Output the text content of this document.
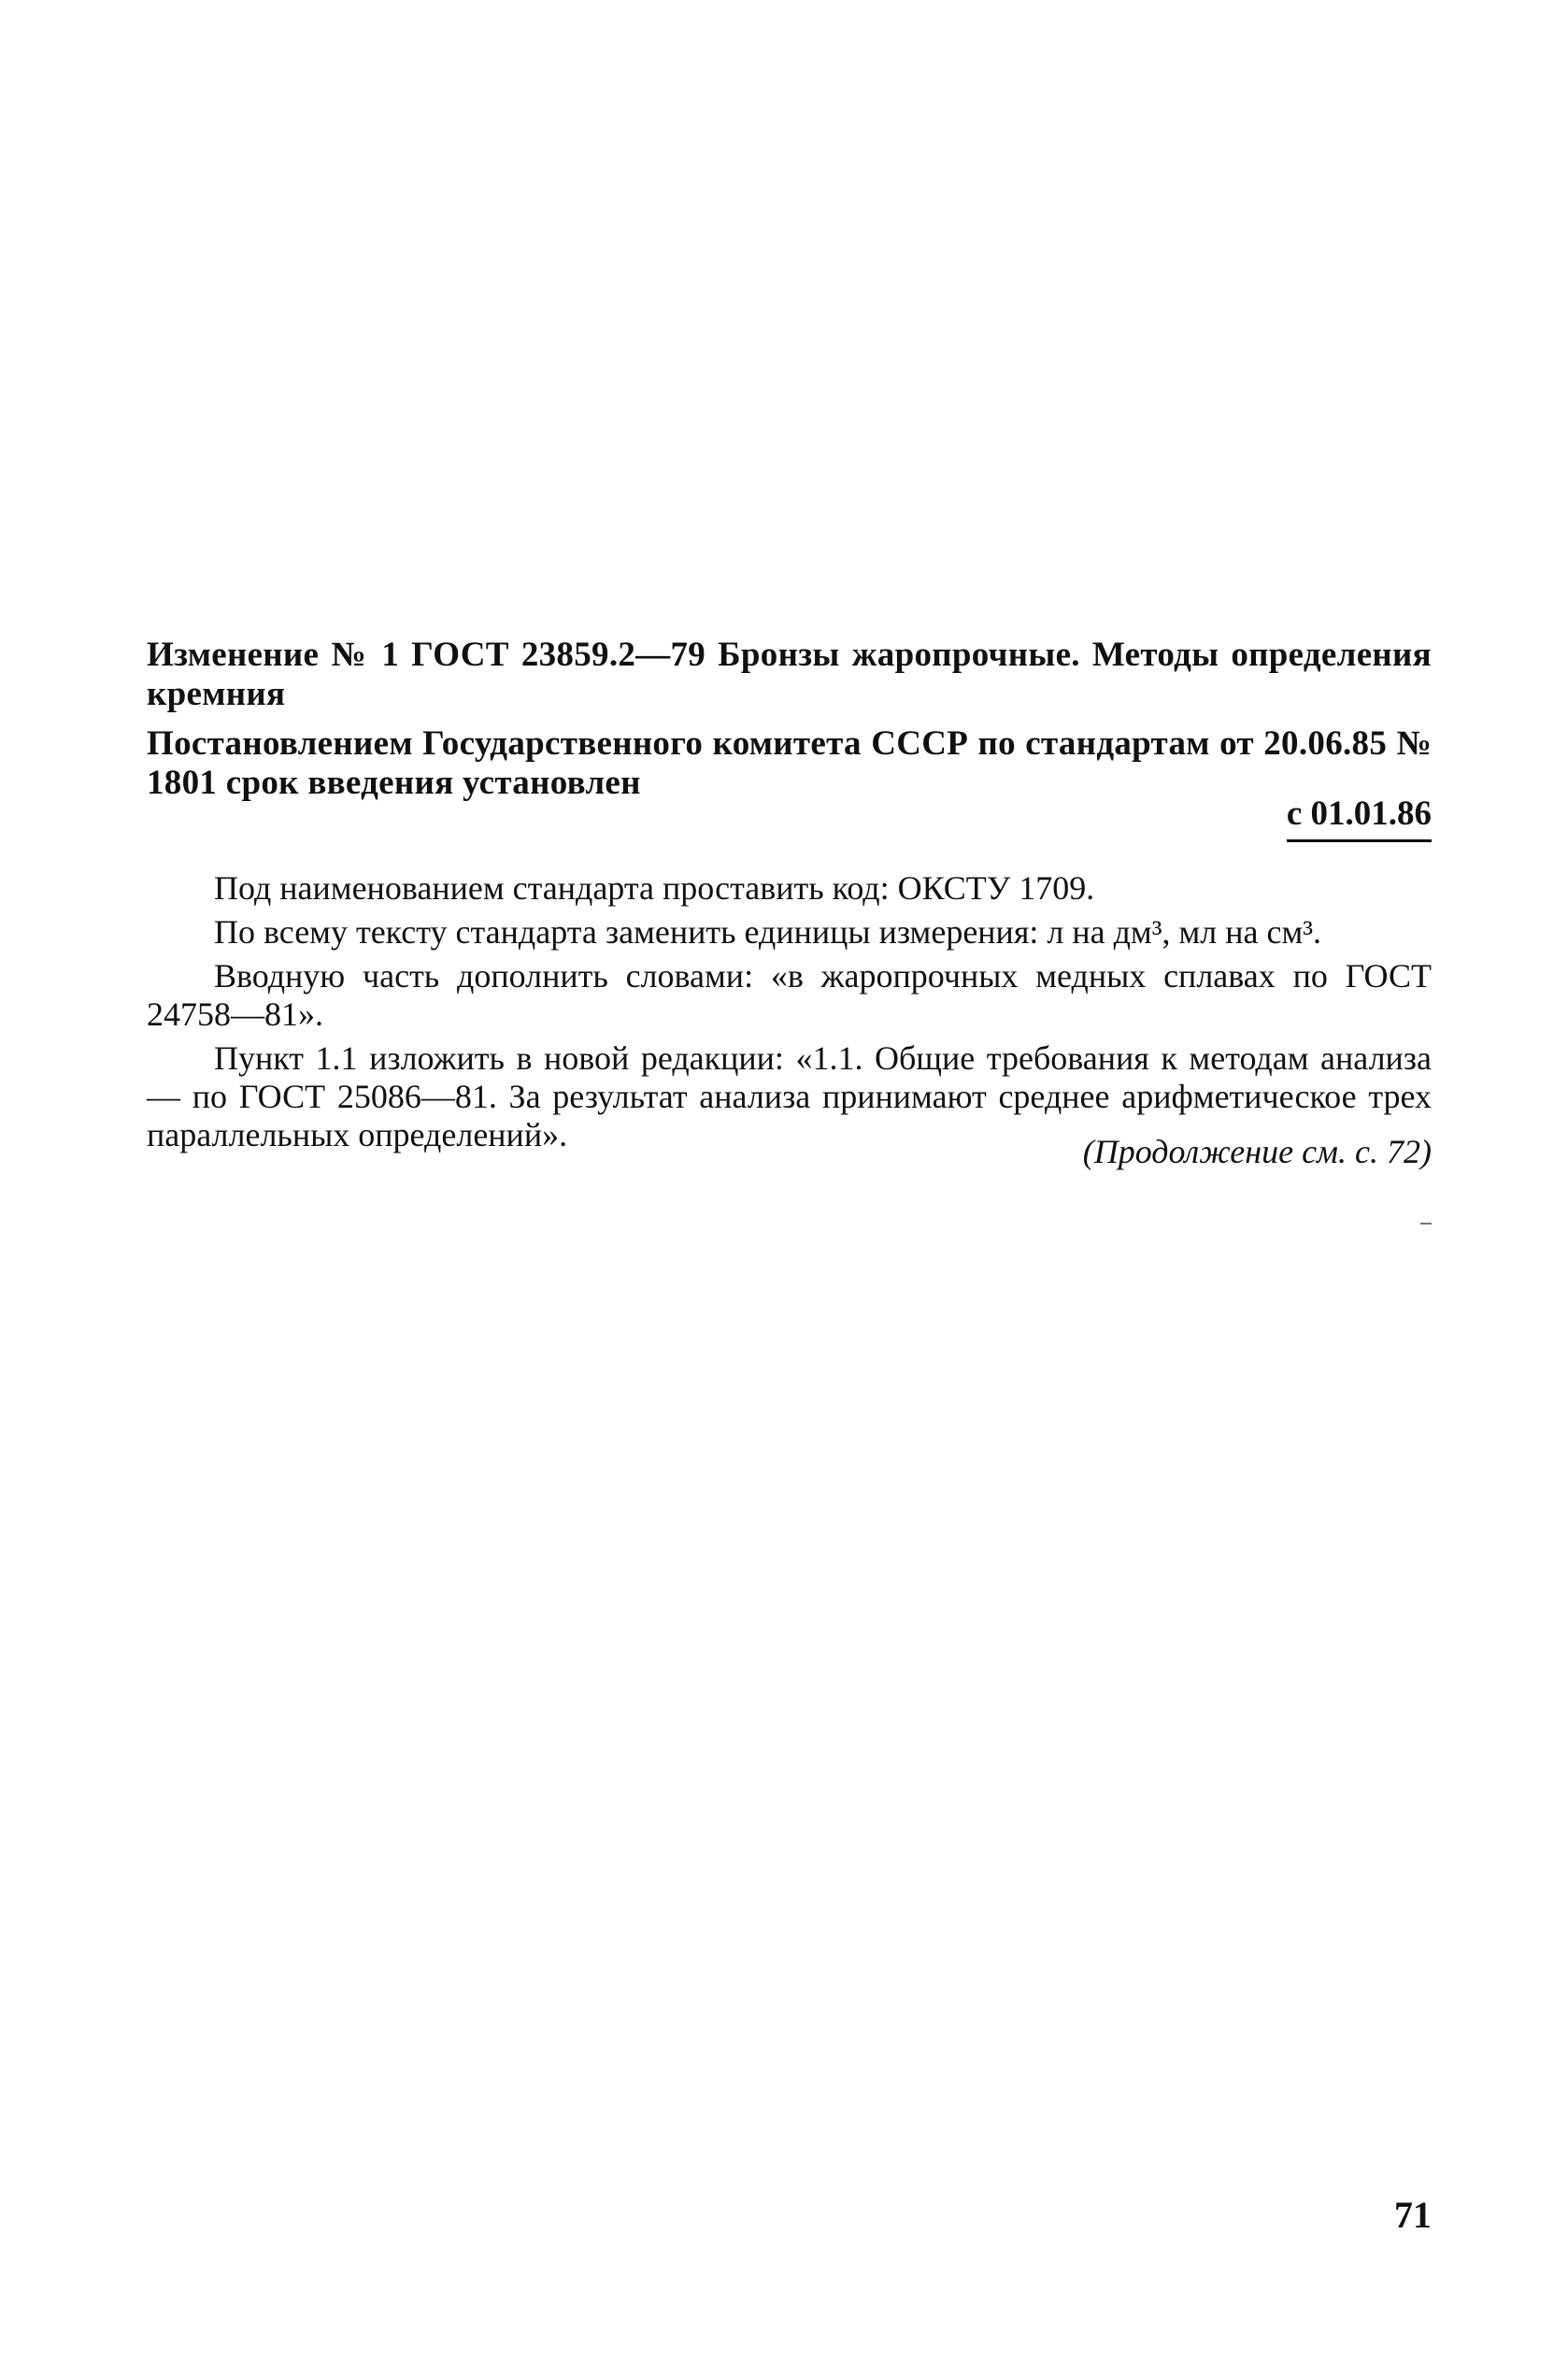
Изменение № 1 ГОСТ 23859.2—79 Бронзы жаропрочные. Методы определения кремния
Постановлением Государственного комитета СССР по стандартам от 20.06.85 № 1801 срок введения установлен
с 01.01.86

Под наименованием стандарта проставить код: ОКСТУ 1709.

По всему тексту стандарта заменить единицы измерения: л на дм³, мл на см³.

Вводную часть дополнить словами: «в жаропрочных медных сплавах по ГОСТ 24758—81».

Пункт 1.1 изложить в новой редакции: «1.1. Общие требования к методам анализа — по ГОСТ 25086—81. За результат анализа принимают среднее арифметическое трех параллельных определений».	(Продолжение см. с. 72)
71
